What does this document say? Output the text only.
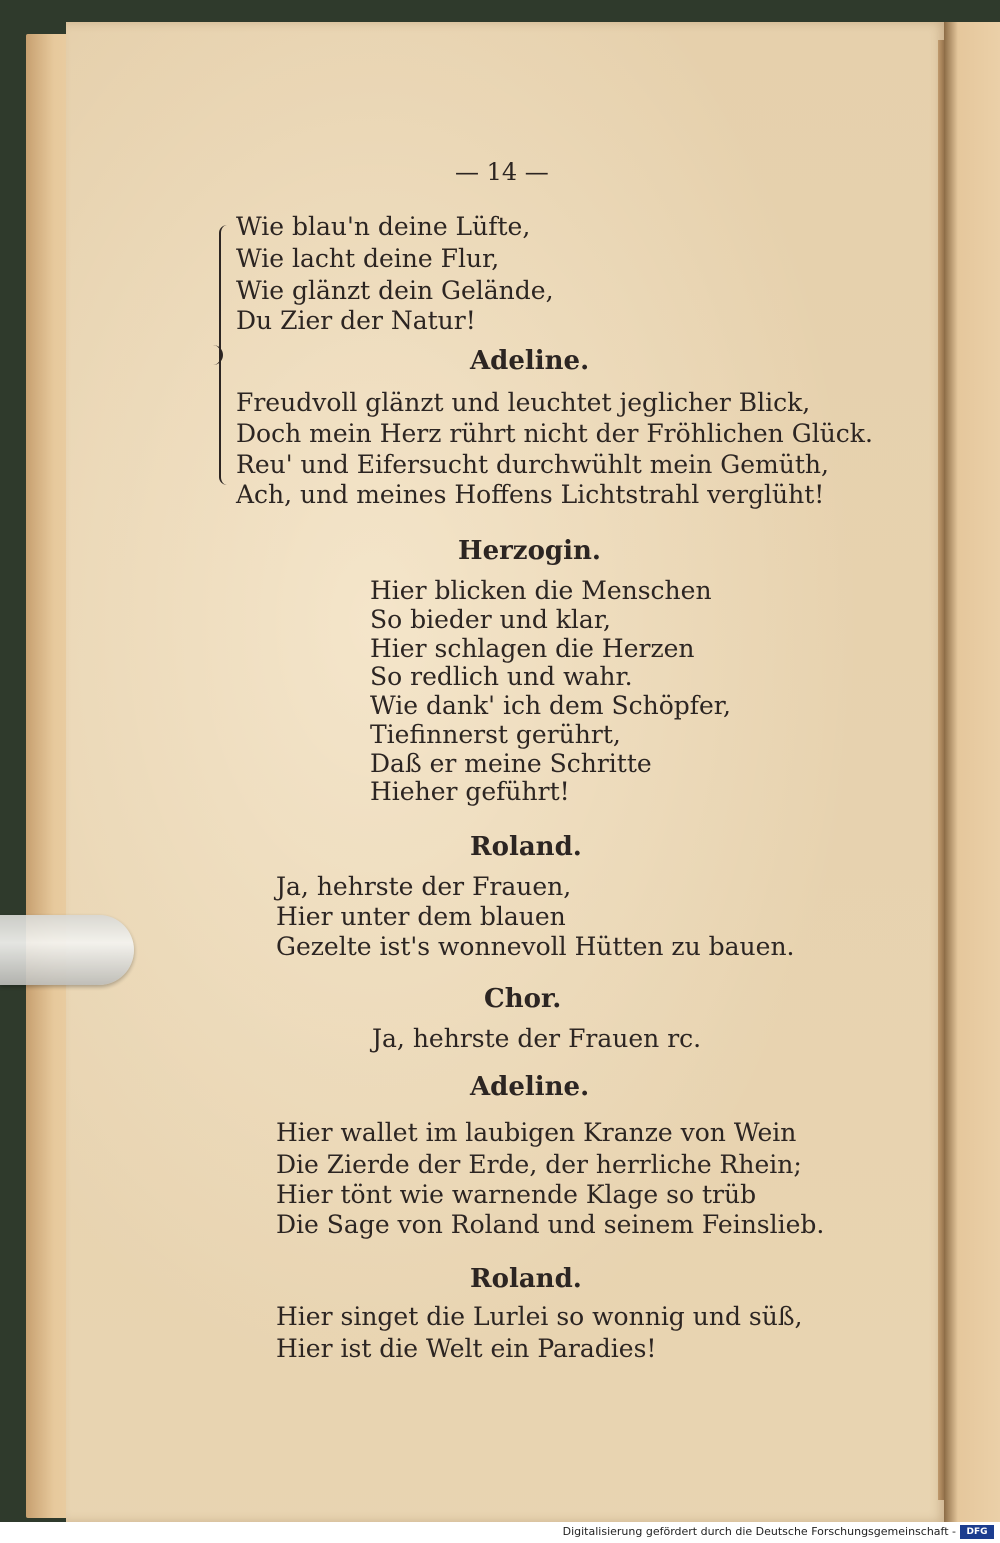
— 14 —
Wie blau'n deine Lüfte,
Wie lacht deine Flur,
Wie glänzt dein Gelände,
Du Zier der Natur!
Adeline.
Freudvoll glänzt und leuchtet jeglicher Blick,
Doch mein Herz rührt nicht der Fröhlichen Glück.
Reu' und Eifersucht durchwühlt mein Gemüth,
Ach, und meines Hoffens Lichtstrahl verglüht!
Herzogin.
Hier blicken die Menschen
So bieder und klar,
Hier schlagen die Herzen
So redlich und wahr.
Wie dank' ich dem Schöpfer,
Tiefinnerst gerührt,
Daß er meine Schritte
Hieher geführt!
Roland.
Ja, hehrste der Frauen,
Hier unter dem blauen
Gezelte ist's wonnevoll Hütten zu bauen.
Chor.
Ja, hehrste der Frauen rc.
Adeline.
Hier wallet im laubigen Kranze von Wein
Die Zierde der Erde, der herrliche Rhein;
Hier tönt wie warnende Klage so trüb
Die Sage von Roland und seinem Feinslieb.
Roland.
Hier singet die Lurlei so wonnig und süß,
Hier ist die Welt ein Paradies!
Digitalisierung gefördert durch die Deutsche Forschungsgemeinschaft -	DFG
